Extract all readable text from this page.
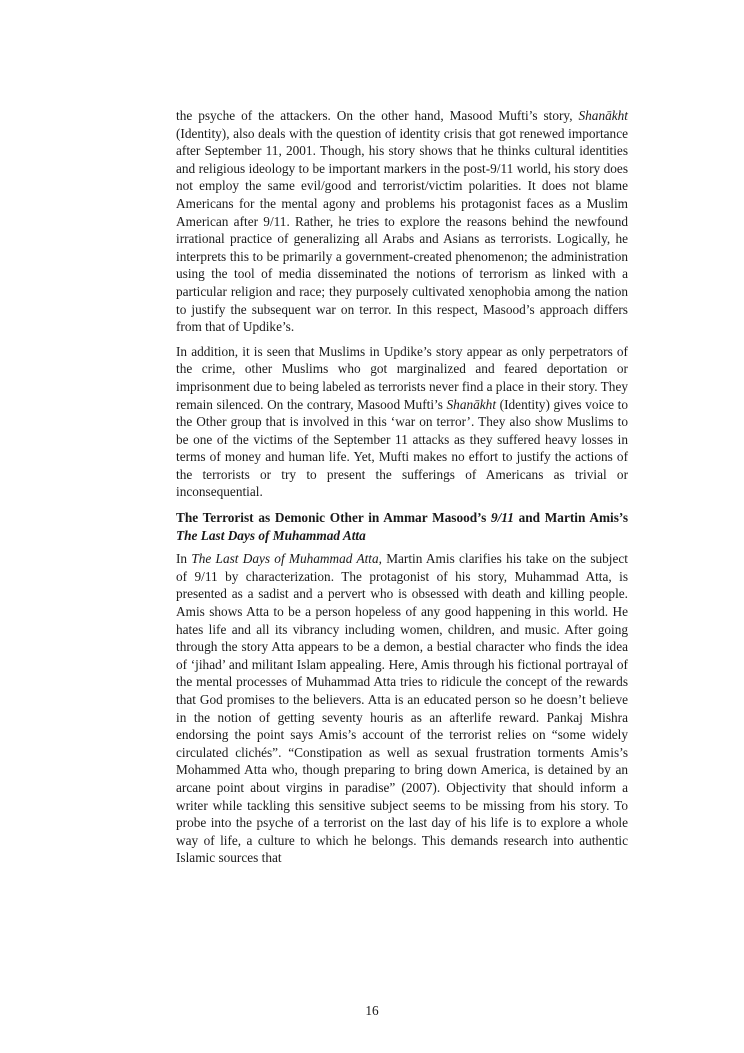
the psyche of the attackers. On the other hand, Masood Mufti’s story, Shanākht (Identity), also deals with the question of identity crisis that got renewed importance after September 11, 2001. Though, his story shows that he thinks cultural identities and religious ideology to be important markers in the post-9/11 world, his story does not employ the same evil/good and terrorist/victim polarities. It does not blame Americans for the mental agony and problems his protagonist faces as a Muslim American after 9/11. Rather, he tries to explore the reasons behind the newfound irrational practice of generalizing all Arabs and Asians as terrorists. Logically, he interprets this to be primarily a government-created phenomenon; the administration using the tool of media disseminated the notions of terrorism as linked with a particular religion and race; they purposely cultivated xenophobia among the nation to justify the subsequent war on terror. In this respect, Masood’s approach differs from that of Updike’s.

In addition, it is seen that Muslims in Updike’s story appear as only perpetrators of the crime, other Muslims who got marginalized and feared deportation or imprisonment due to being labeled as terrorists never find a place in their story. They remain silenced. On the contrary, Masood Mufti’s Shanākht (Identity) gives voice to the Other group that is involved in this ‘war on terror’. They also show Muslims to be one of the victims of the September 11 attacks as they suffered heavy losses in terms of money and human life. Yet, Mufti makes no effort to justify the actions of the terrorists or try to present the sufferings of Americans as trivial or inconsequential.

The Terrorist as Demonic Other in Ammar Masood’s 9/11 and Martin Amis’s The Last Days of Muhammad Atta

In The Last Days of Muhammad Atta, Martin Amis clarifies his take on the subject of 9/11 by characterization. The protagonist of his story, Muhammad Atta, is presented as a sadist and a pervert who is obsessed with death and killing people. Amis shows Atta to be a person hopeless of any good happening in this world. He hates life and all its vibrancy including women, children, and music. After going through the story Atta appears to be a demon, a bestial character who finds the idea of ‘jihad’ and militant Islam appealing. Here, Amis through his fictional portrayal of the mental processes of Muhammad Atta tries to ridicule the concept of the rewards that God promises to the believers. Atta is an educated person so he doesn’t believe in the notion of getting seventy houris as an afterlife reward. Pankaj Mishra endorsing the point says Amis’s account of the terrorist relies on “some widely circulated clichés”. “Constipation as well as sexual frustration torments Amis’s Mohammed Atta who, though preparing to bring down America, is detained by an arcane point about virgins in paradise” (2007). Objectivity that should inform a writer while tackling this sensitive subject seems to be missing from his story. To probe into the psyche of a terrorist on the last day of his life is to explore a whole way of life, a culture to which he belongs. This demands research into authentic Islamic sources that

16
